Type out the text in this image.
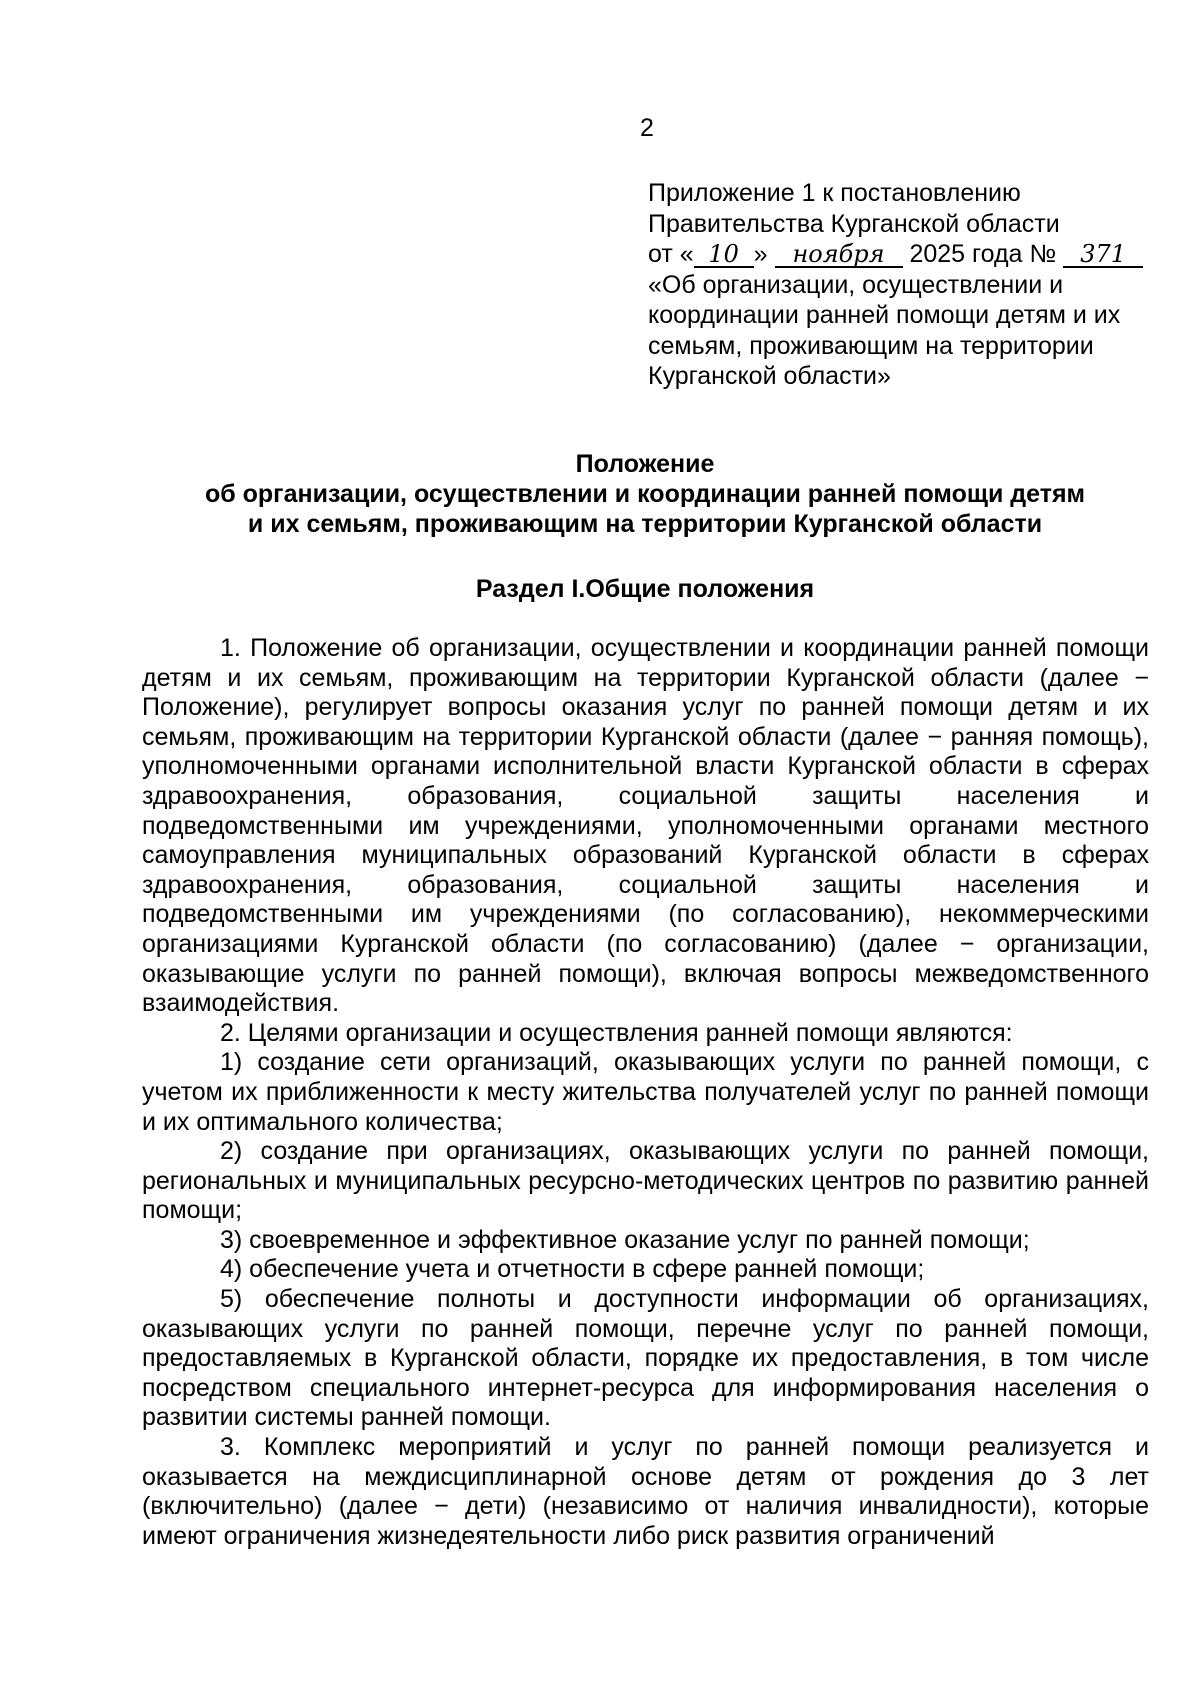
2
Приложение 1 к постановлению
Правительства Курганской области
от « 10 » ноября 2025 года № 371
«Об организации, осуществлении и
координации ранней помощи детям и их
семьям, проживающим на территории
Курганской области»
Положение
об организации, осуществлении и координации ранней помощи детям
и их семьям, проживающим на территории Курганской области
Раздел I.Общие положения

1. Положение об организации, осуществлении и координации ранней помощи детям и их семьям, проживающим на территории Курганской области (далее − Положение), регулирует вопросы оказания услуг по ранней помощи детям и их семьям, проживающим на территории Курганской области (далее − ранняя помощь), уполномоченными органами исполнительной власти Курганской области в сферах здравоохранения, образования, социальной защиты населения и подведомственными им учреждениями, уполномоченными органами местного самоуправления муниципальных образований Курганской области в сферах здравоохранения, образования, социальной защиты населения и подведомственными им учреждениями (по согласованию), некоммерческими организациями Курганской области (по согласованию) (далее − организации, оказывающие услуги по ранней помощи), включая вопросы межведомственного взаимодействия.

2. Целями организации и осуществления ранней помощи являются:

1) создание сети организаций, оказывающих услуги по ранней помощи, с учетом их приближенности к месту жительства получателей услуг по ранней помощи и их оптимального количества;

2) создание при организациях, оказывающих услуги по ранней помощи, региональных и муниципальных ресурсно-методических центров по развитию ранней помощи;

3) своевременное и эффективное оказание услуг по ранней помощи;

4) обеспечение учета и отчетности в сфере ранней помощи;

5) обеспечение полноты и доступности информации об организациях, оказывающих услуги по ранней помощи, перечне услуг по ранней помощи, предоставляемых в Курганской области, порядке их предоставления, в том числе посредством специального интернет-ресурса для информирования населения о развитии системы ранней помощи.

3. Комплекс мероприятий и услуг по ранней помощи реализуется и оказывается на междисциплинарной основе детям от рождения до 3 лет (включительно) (далее − дети) (независимо от наличия инвалидности), которые имеют ограничения жизнедеятельности либо риск развития ограничений
